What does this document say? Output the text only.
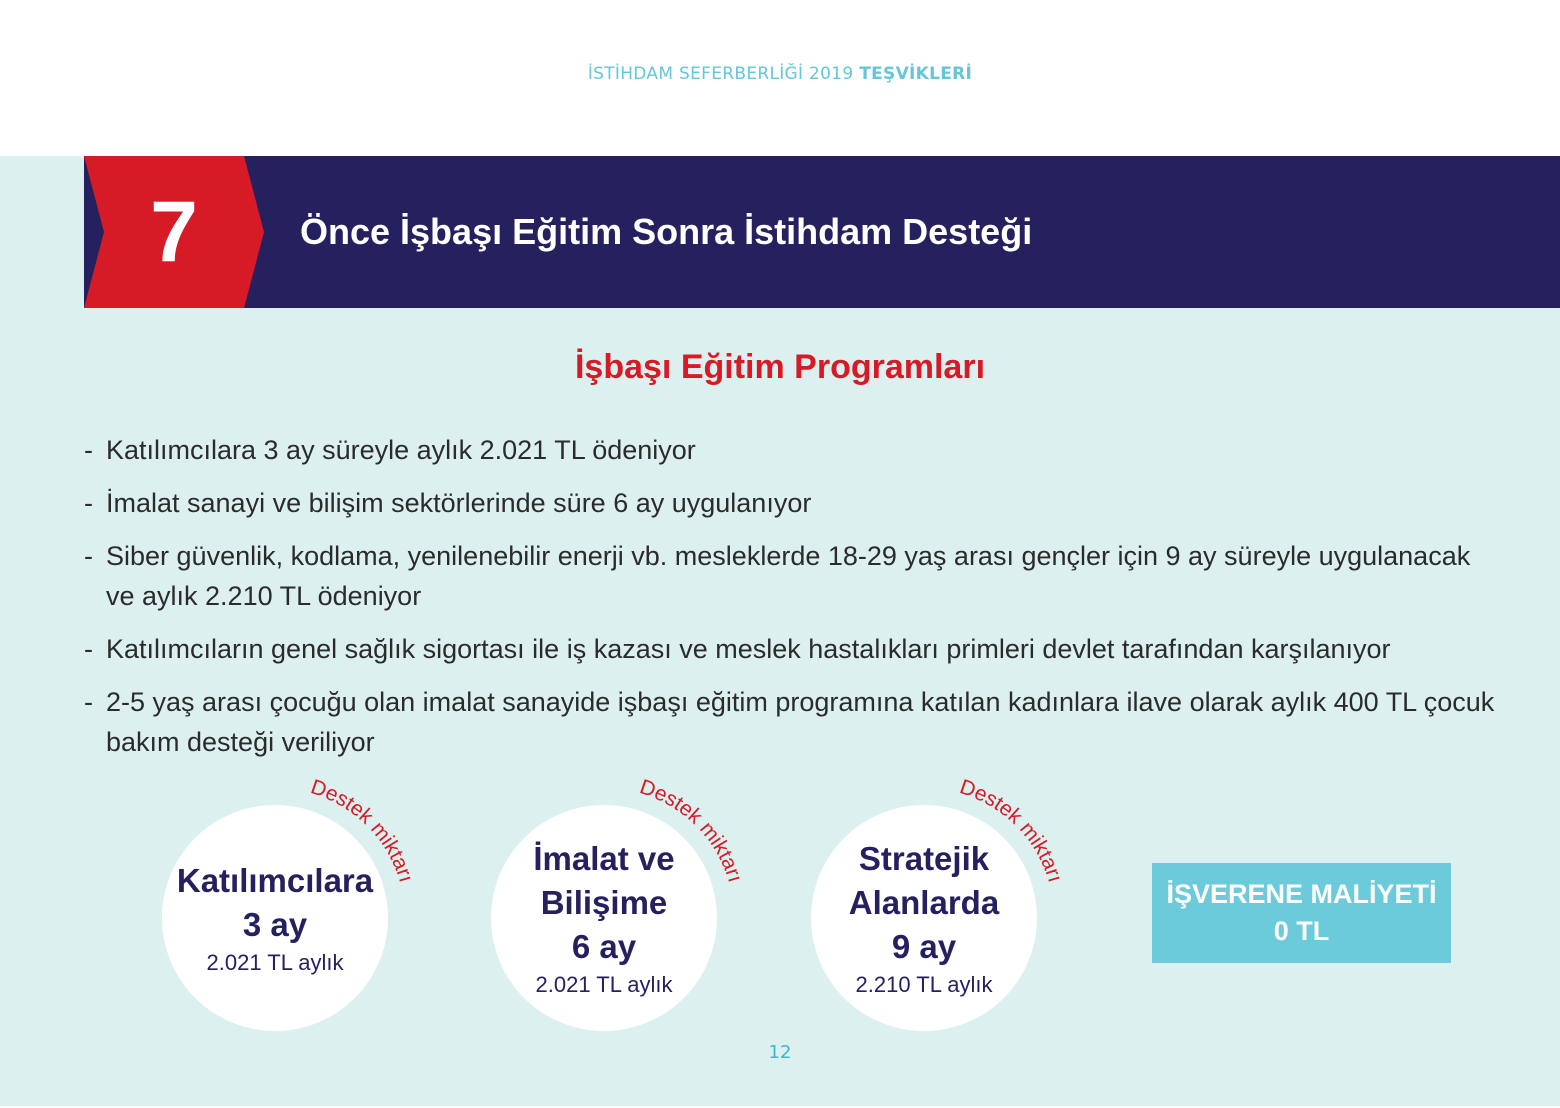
İSTİHDAM SEFERBERLİĞİ 2019 TEŞVİKLERİ
7	Önce İşbaşı Eğitim Sonra İstihdam Desteği
İşbaşı Eğitim Programları
- Katılımcılara 3 ay süreyle aylık 2.021 TL ödeniyor
- İmalat sanayi ve bilişim sektörlerinde süre 6 ay uygulanıyor
- Siber güvenlik, kodlama, yenilenebilir enerji vb. mesleklerde 18-29 yaş arası gençler için 9 ay süreyle uygulanacak ve aylık 2.210 TL ödeniyor
- Katılımcıların genel sağlık sigortası ile iş kazası ve meslek hastalıkları primleri devlet tarafından karşılanıyor
- 2-5 yaş arası çocuğu olan imalat sanayide işbaşı eğitim programına katılan kadınlara ilave olarak aylık 400 TL çocuk bakım desteği veriliyor
Katılımcılara
3 ay
2.021 TL aylık
Destek miktarı
İmalat ve
Bilişime
6 ay
2.021 TL aylık
Destek miktarı
Stratejik
Alanlarda
9 ay
2.210 TL aylık
Destek miktarı
İŞVERENE MALİYETİ
0 TL
12
